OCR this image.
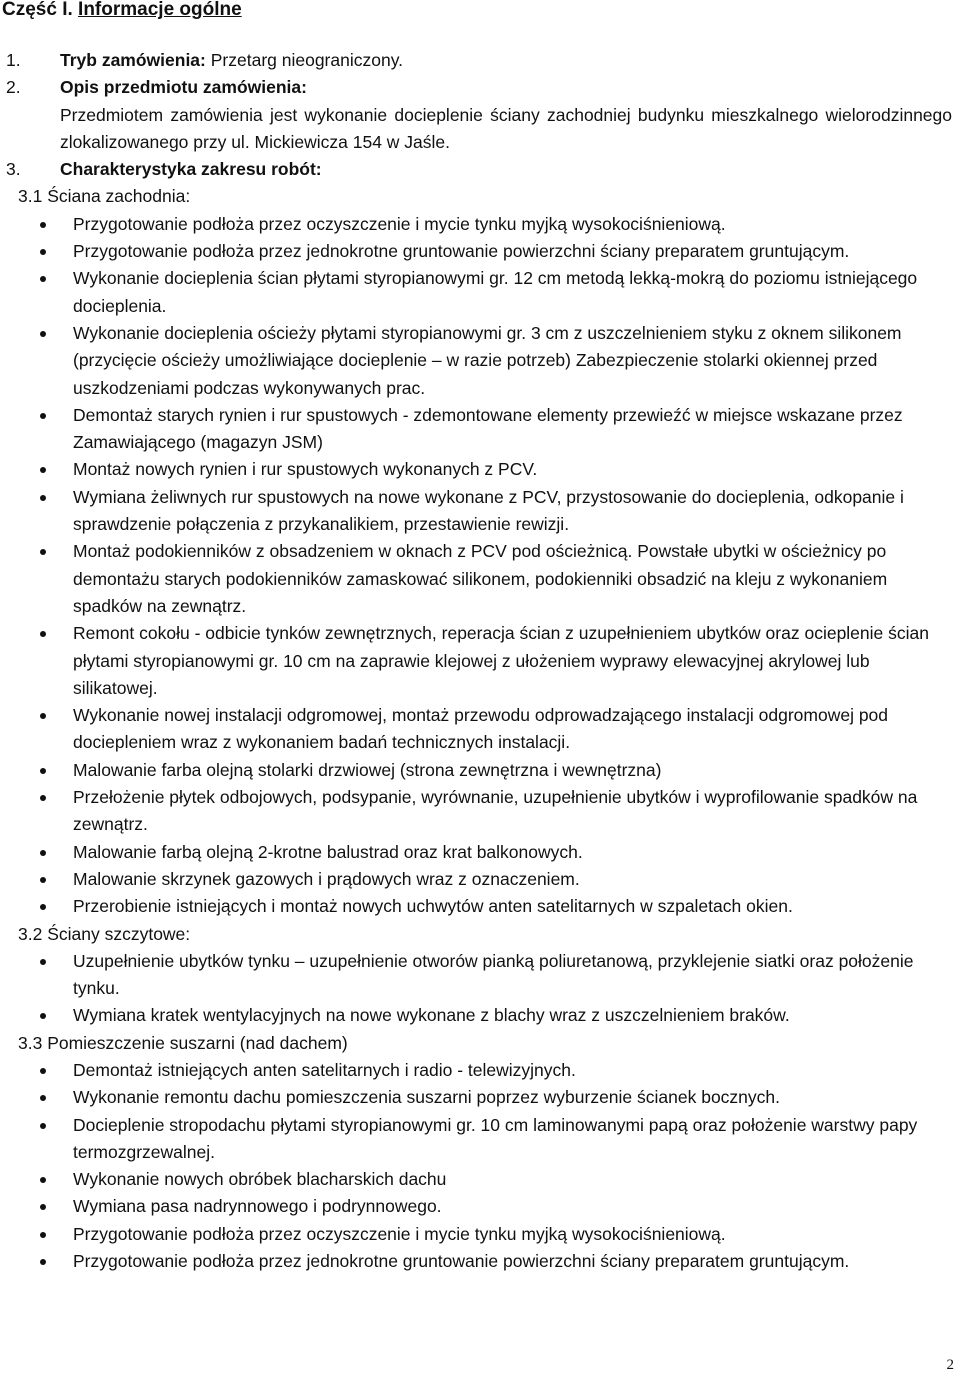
Część I. Informacje ogólne
1. Tryb zamówienia: Przetarg nieograniczony.
2. Opis przedmiotu zamówienia:
Przedmiotem zamówienia jest wykonanie docieplenie ściany zachodniej budynku mieszkalnego wielorodzinnego zlokalizowanego przy ul. Mickiewicza 154 w Jaśle.
3. Charakterystyka zakresu robót:
3.1 Ściana zachodnia:
Przygotowanie podłoża przez oczyszczenie i mycie tynku myjką wysokociśnieniową.
Przygotowanie podłoża przez jednokrotne gruntowanie powierzchni ściany preparatem gruntującym.
Wykonanie docieplenia ścian płytami styropianowymi gr. 12 cm metodą lekką-mokrą do poziomu istniejącego docieplenia.
Wykonanie docieplenia ościeży płytami styropianowymi gr. 3 cm z uszczelnieniem styku z oknem silikonem (przycięcie ościeży umożliwiające docieplenie – w razie potrzeb) Zabezpieczenie stolarki okiennej przed uszkodzeniami podczas wykonywanych prac.
Demontaż starych rynien i rur spustowych - zdemontowane elementy przewieźć w miejsce wskazane przez Zamawiającego (magazyn JSM)
Montaż nowych rynien i rur spustowych wykonanych z PCV.
Wymiana żeliwnych rur spustowych na nowe wykonane z PCV, przystosowanie do docieplenia, odkopanie i sprawdzenie połączenia z przykanalikiem, przestawienie rewizji.
Montaż podokienników z obsadzeniem w oknach z PCV pod ościeżnicą. Powstałe ubytki w ościeżnicy po demontażu starych podokienników zamaskować silikonem, podokienniki obsadzić na kleju z wykonaniem spadków na zewnątrz.
Remont cokołu - odbicie tynków zewnętrznych, reperacja ścian z uzupełnieniem ubytków oraz ocieplenie ścian płytami styropianowymi gr. 10 cm na zaprawie klejowej z ułożeniem wyprawy elewacyjnej akrylowej lub silikatowej.
Wykonanie nowej instalacji odgromowej, montaż przewodu odprowadzającego instalacji odgromowej pod dociepleniem wraz z wykonaniem badań technicznych instalacji.
Malowanie farba olejną stolarki drzwiowej (strona zewnętrzna i wewnętrzna)
Przełożenie płytek odbojowych, podsypanie, wyrównanie, uzupełnienie ubytków i wyprofilowanie spadków na zewnątrz.
Malowanie farbą olejną 2-krotne balustrad oraz krat balkonowych.
Malowanie skrzynek gazowych i prądowych wraz z oznaczeniem.
Przerobienie istniejących i montaż nowych uchwytów anten satelitarnych w szpaletach okien.
3.2 Ściany szczytowe:
Uzupełnienie ubytków tynku – uzupełnienie otworów pianką poliuretanową, przyklejenie siatki oraz położenie tynku.
Wymiana kratek wentylacyjnych na nowe wykonane z blachy wraz z uszczelnieniem braków.
3.3 Pomieszczenie suszarni (nad dachem)
Demontaż istniejących anten satelitarnych i radio - telewizyjnych.
Wykonanie remontu dachu pomieszczenia suszarni poprzez wyburzenie ścianek bocznych.
Docieplenie stropodachu płytami styropianowymi gr. 10 cm laminowanymi papą oraz położenie warstwy papy termozgrzewalnej.
Wykonanie nowych obróbek blacharskich dachu
Wymiana pasa nadrynnowego i podrynnowego.
Przygotowanie podłoża przez oczyszczenie i mycie tynku myjką wysokociśnieniową.
Przygotowanie podłoża przez jednokrotne gruntowanie powierzchni ściany preparatem gruntującym.
2
